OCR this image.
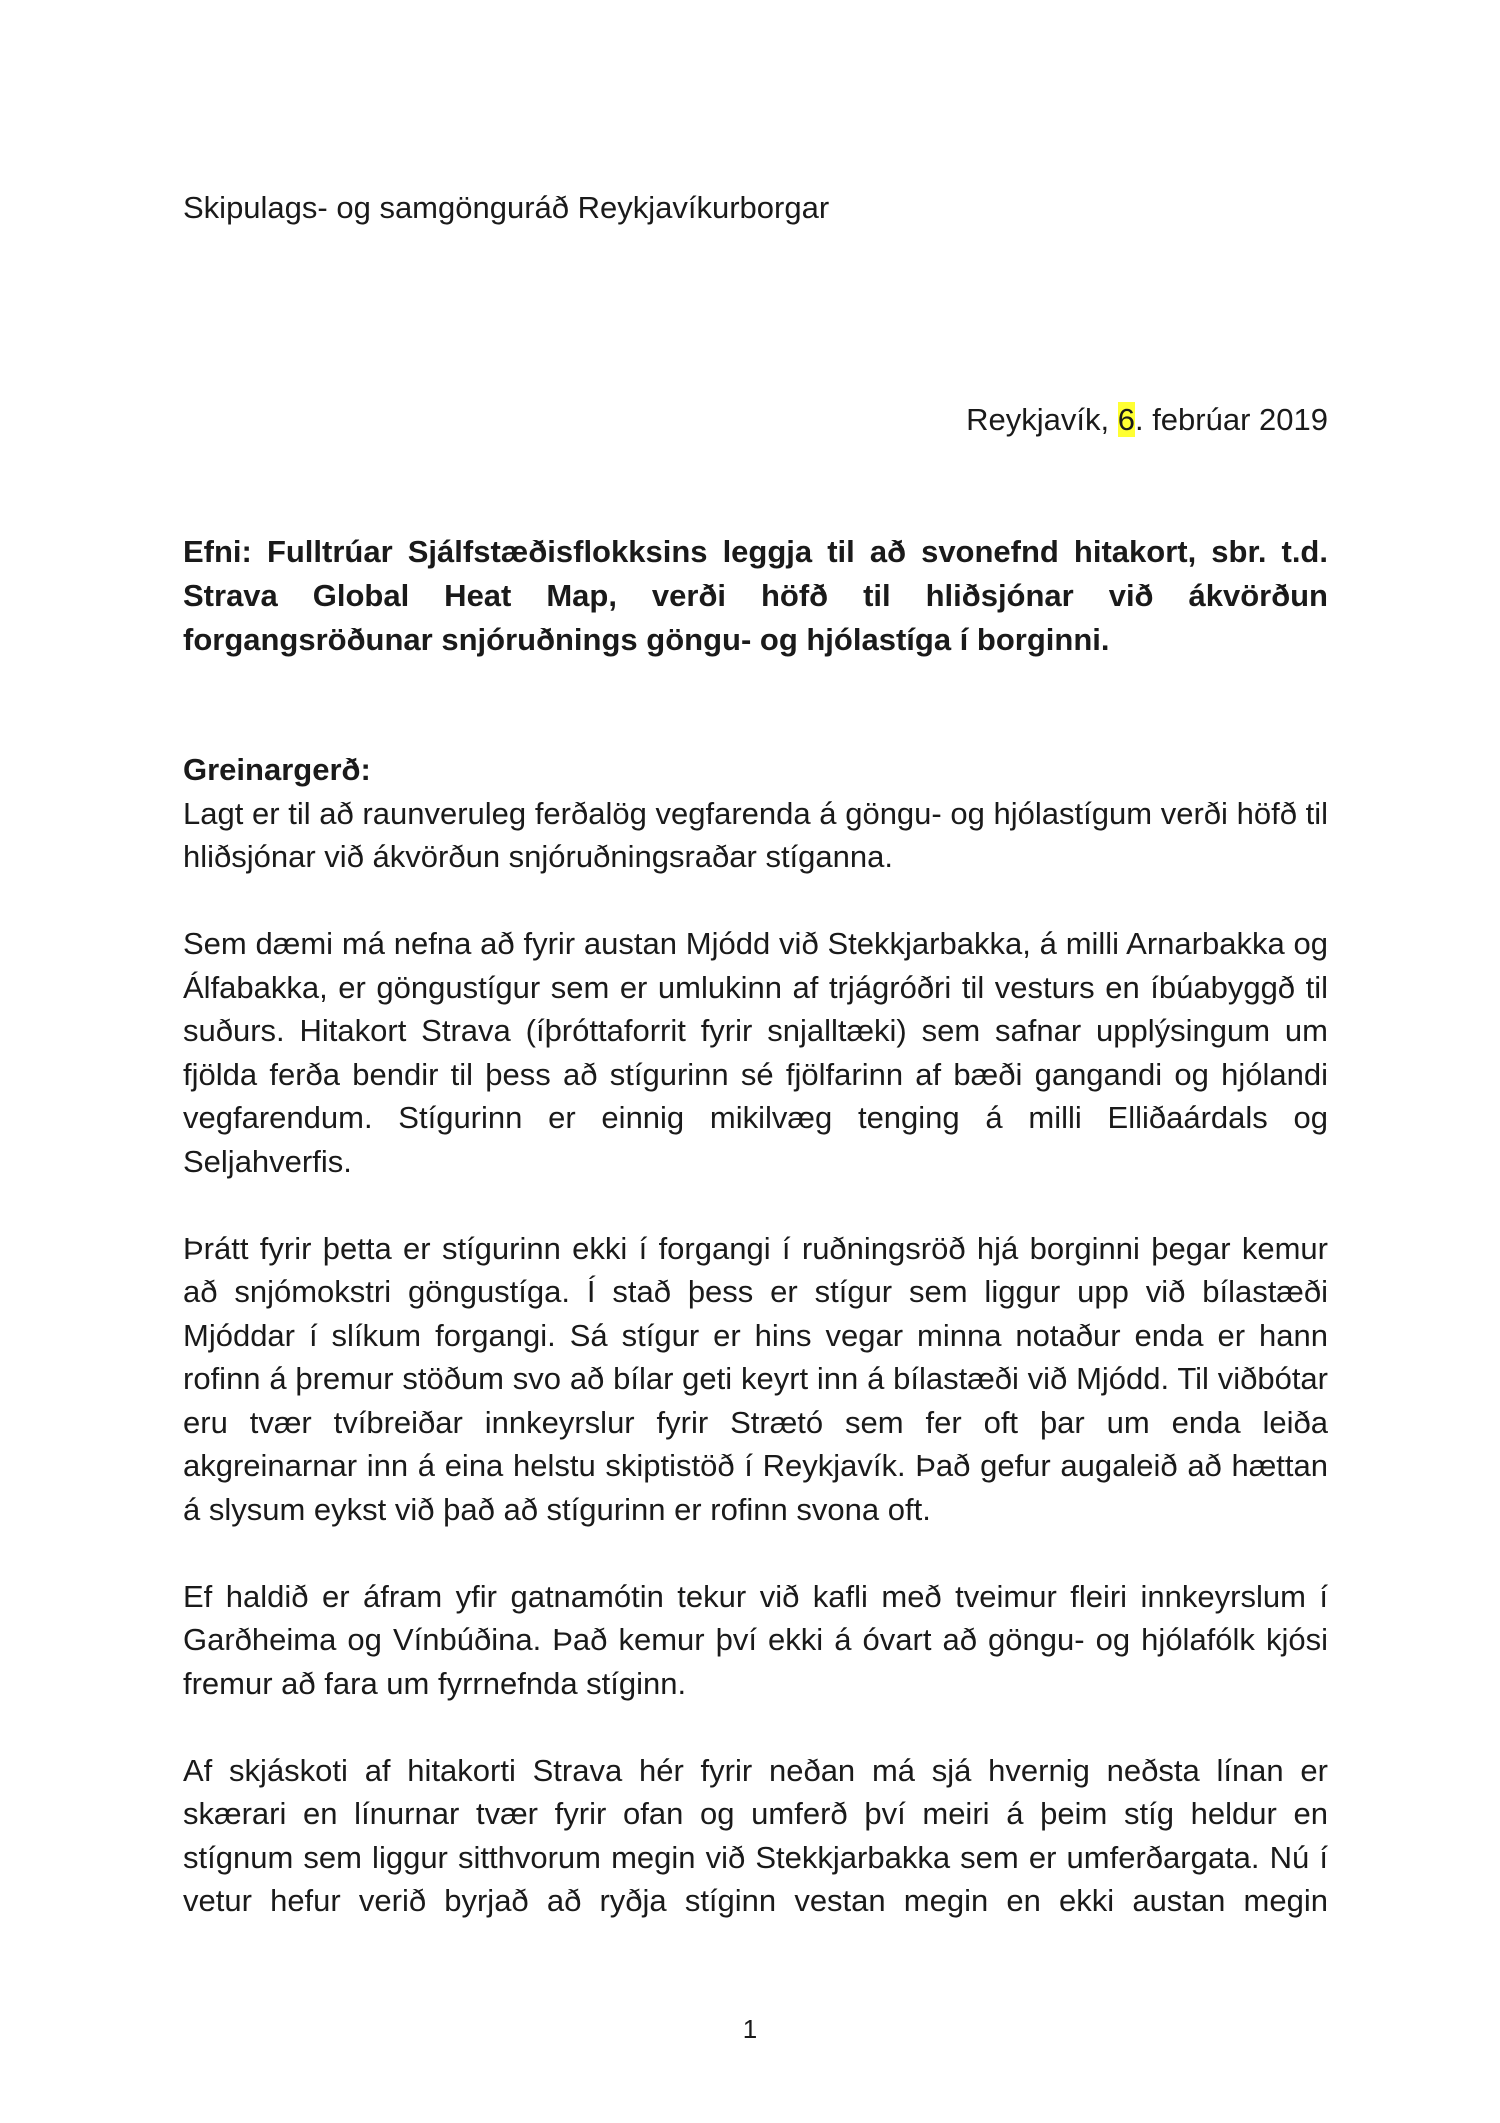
Skipulags- og samgönguráð Reykjavíkurborgar
Reykjavík, 6. febrúar 2019
Efni: Fulltrúar Sjálfstæðisflokksins leggja til að svonefnd hitakort, sbr. t.d. Strava Global Heat Map, verði höfð til hliðsjónar við ákvörðun forgangsröðunar snjóruðnings göngu- og hjólastíga í borginni.

Greinargerð:

Lagt er til að raunveruleg ferðalög vegfarenda á göngu- og hjólastígum verði höfð til hliðsjónar við ákvörðun snjóruðningsraðar stíganna.

Sem dæmi má nefna að fyrir austan Mjódd við Stekkjarbakka, á milli Arnarbakka og Álfabakka, er göngustígur sem er umlukinn af trjágróðri til vesturs en íbúabyggð til suðurs. Hitakort Strava (íþróttaforrit fyrir snjalltæki) sem safnar upplýsingum um fjölda ferða bendir til þess að stígurinn sé fjölfarinn af bæði gangandi og hjólandi vegfarendum. Stígurinn er einnig mikilvæg tenging á milli Elliðaárdals og Seljahverfis.

Þrátt fyrir þetta er stígurinn ekki í forgangi í ruðningsröð hjá borginni þegar kemur að snjómokstri göngustíga. Í stað þess er stígur sem liggur upp við bílastæði Mjóddar í slíkum forgangi. Sá stígur er hins vegar minna notaður enda er hann rofinn á þremur stöðum svo að bílar geti keyrt inn á bílastæði við Mjódd. Til viðbótar eru tvær tvíbreiðar innkeyrslur fyrir Strætó sem fer oft þar um enda leiða akgreinarnar inn á eina helstu skiptistöð í Reykjavík. Það gefur augaleið að hættan á slysum eykst við það að stígurinn er rofinn svona oft.

Ef haldið er áfram yfir gatnamótin tekur við kafli með tveimur fleiri innkeyrslum í Garðheima og Vínbúðina. Það kemur því ekki á óvart að göngu- og hjólafólk kjósi fremur að fara um fyrrnefnda stíginn.

Af skjáskoti af hitakorti Strava hér fyrir neðan má sjá hvernig neðsta línan er skærari en línurnar tvær fyrir ofan og umferð því meiri á þeim stíg heldur en stígnum sem liggur sitthvorum megin við Stekkjarbakka sem er umferðargata. Nú í vetur hefur verið byrjað að ryðja stíginn vestan megin en ekki austan megin

1
